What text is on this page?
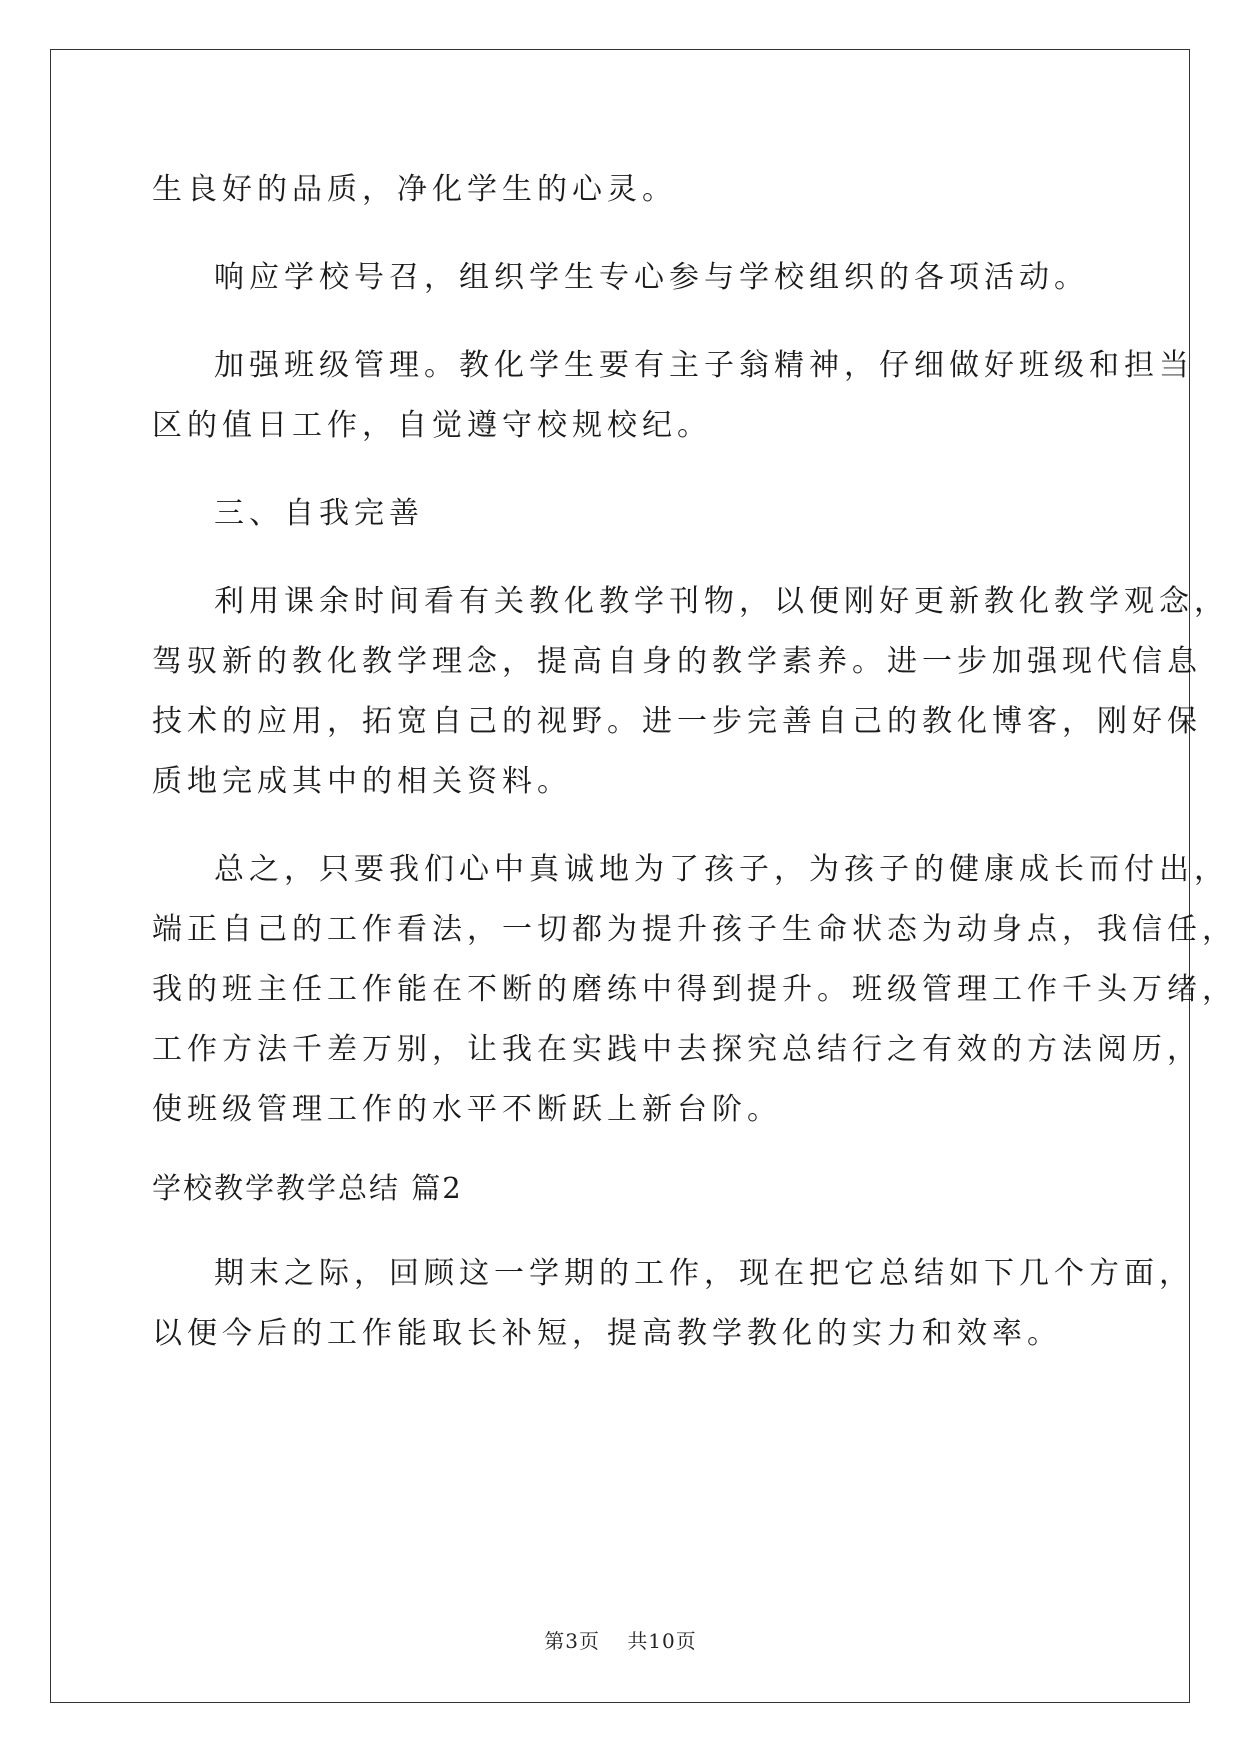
生良好的品质，净化学生的心灵。
响应学校号召，组织学生专心参与学校组织的各项活动。
加强班级管理。教化学生要有主子翁精神，仔细做好班级和担当
区的值日工作，自觉遵守校规校纪。
三、自我完善
利用课余时间看有关教化教学刊物，以便刚好更新教化教学观念，
驾驭新的教化教学理念，提高自身的教学素养。进一步加强现代信息
技术的应用，拓宽自己的视野。进一步完善自己的教化博客，刚好保
质地完成其中的相关资料。
总之，只要我们心中真诚地为了孩子，为孩子的健康成长而付出，
端正自己的工作看法，一切都为提升孩子生命状态为动身点，我信任，
我的班主任工作能在不断的磨练中得到提升。班级管理工作千头万绪，
工作方法千差万别，让我在实践中去探究总结行之有效的方法阅历，
使班级管理工作的水平不断跃上新台阶。
学校教学教学总结 篇2
期末之际，回顾这一学期的工作，现在把它总结如下几个方面，
以便今后的工作能取长补短，提高教学教化的实力和效率。
第3页 共10页
